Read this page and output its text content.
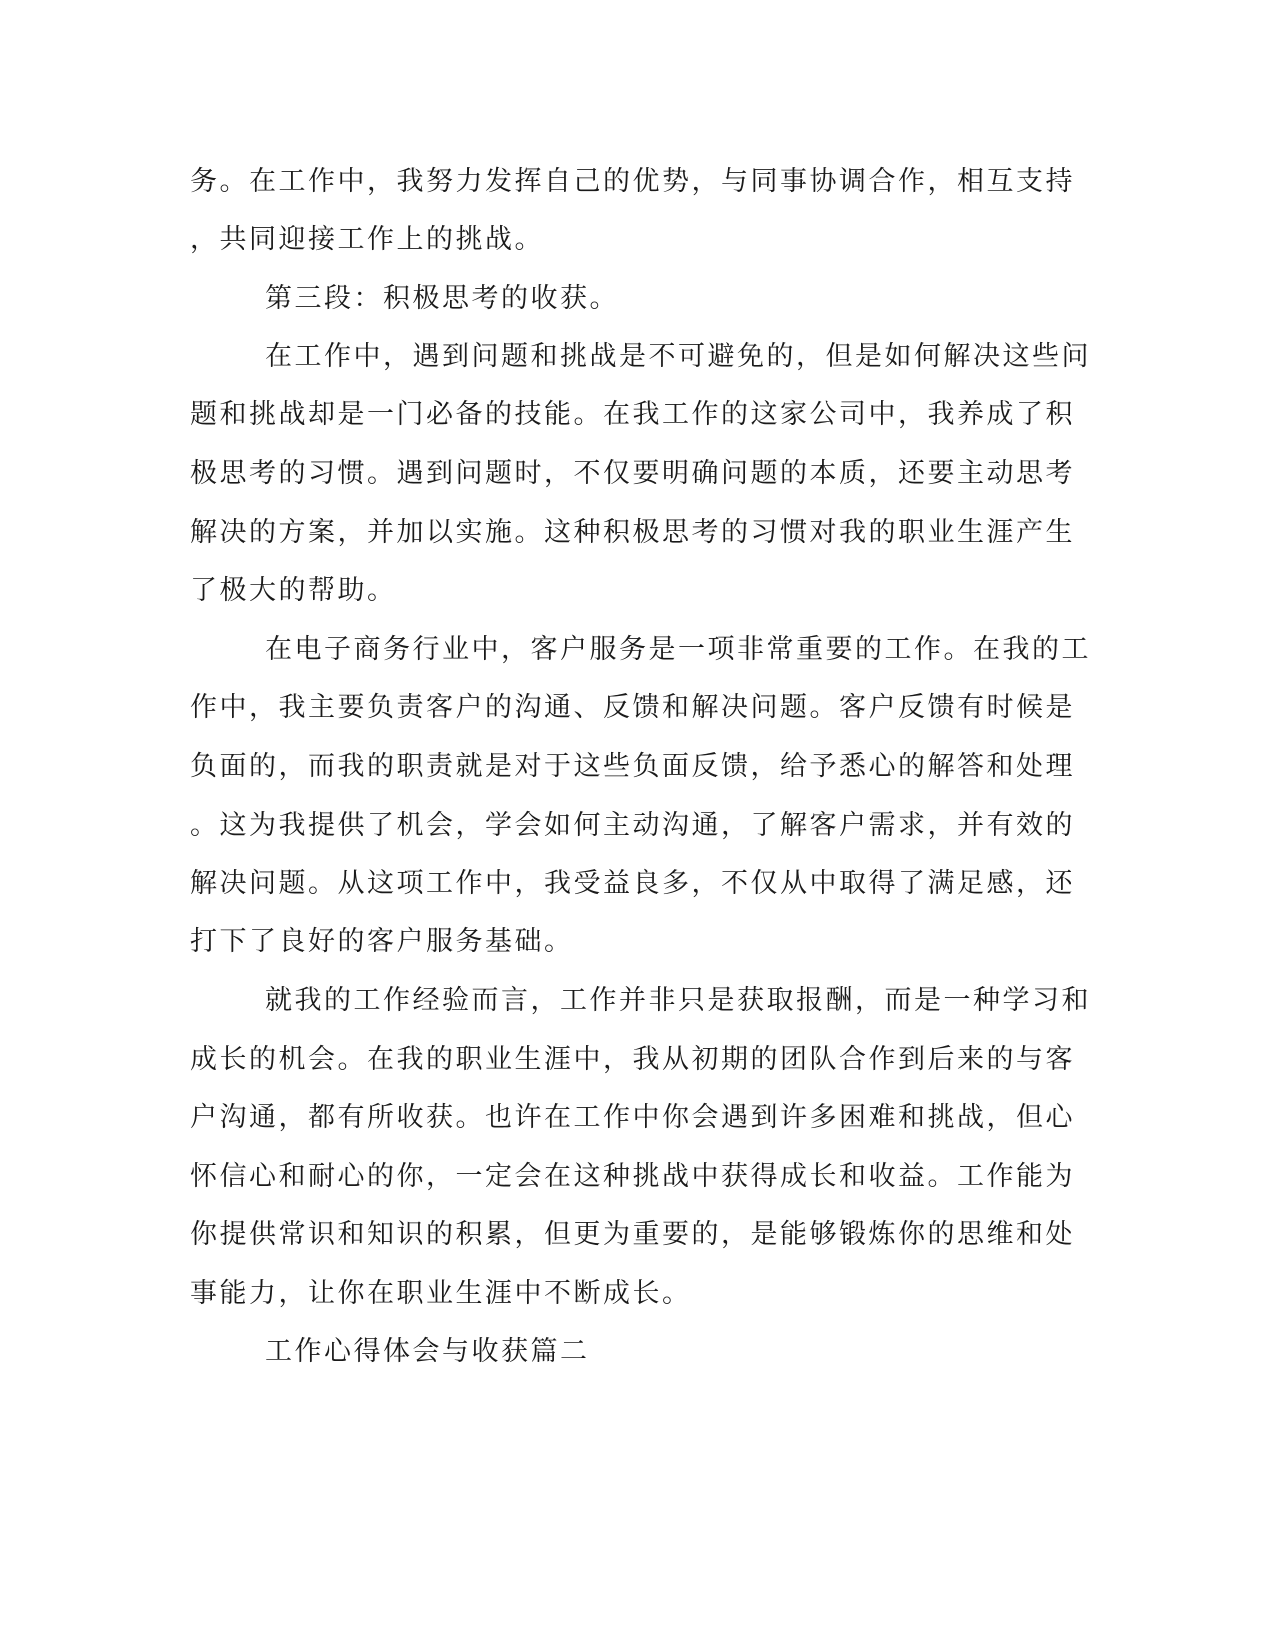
务。在工作中，我努力发挥自己的优势，与同事协调合作，相互支持
，共同迎接工作上的挑战。
第三段：积极思考的收获。
在工作中，遇到问题和挑战是不可避免的，但是如何解决这些问
题和挑战却是一门必备的技能。在我工作的这家公司中，我养成了积
极思考的习惯。遇到问题时，不仅要明确问题的本质，还要主动思考
解决的方案，并加以实施。这种积极思考的习惯对我的职业生涯产生
了极大的帮助。
在电子商务行业中，客户服务是一项非常重要的工作。在我的工
作中，我主要负责客户的沟通、反馈和解决问题。客户反馈有时候是
负面的，而我的职责就是对于这些负面反馈，给予悉心的解答和处理
。这为我提供了机会，学会如何主动沟通，了解客户需求，并有效的
解决问题。从这项工作中，我受益良多，不仅从中取得了满足感，还
打下了良好的客户服务基础。
就我的工作经验而言，工作并非只是获取报酬，而是一种学习和
成长的机会。在我的职业生涯中，我从初期的团队合作到后来的与客
户沟通，都有所收获。也许在工作中你会遇到许多困难和挑战，但心
怀信心和耐心的你，一定会在这种挑战中获得成长和收益。工作能为
你提供常识和知识的积累，但更为重要的，是能够锻炼你的思维和处
事能力，让你在职业生涯中不断成长。
工作心得体会与收获篇二
